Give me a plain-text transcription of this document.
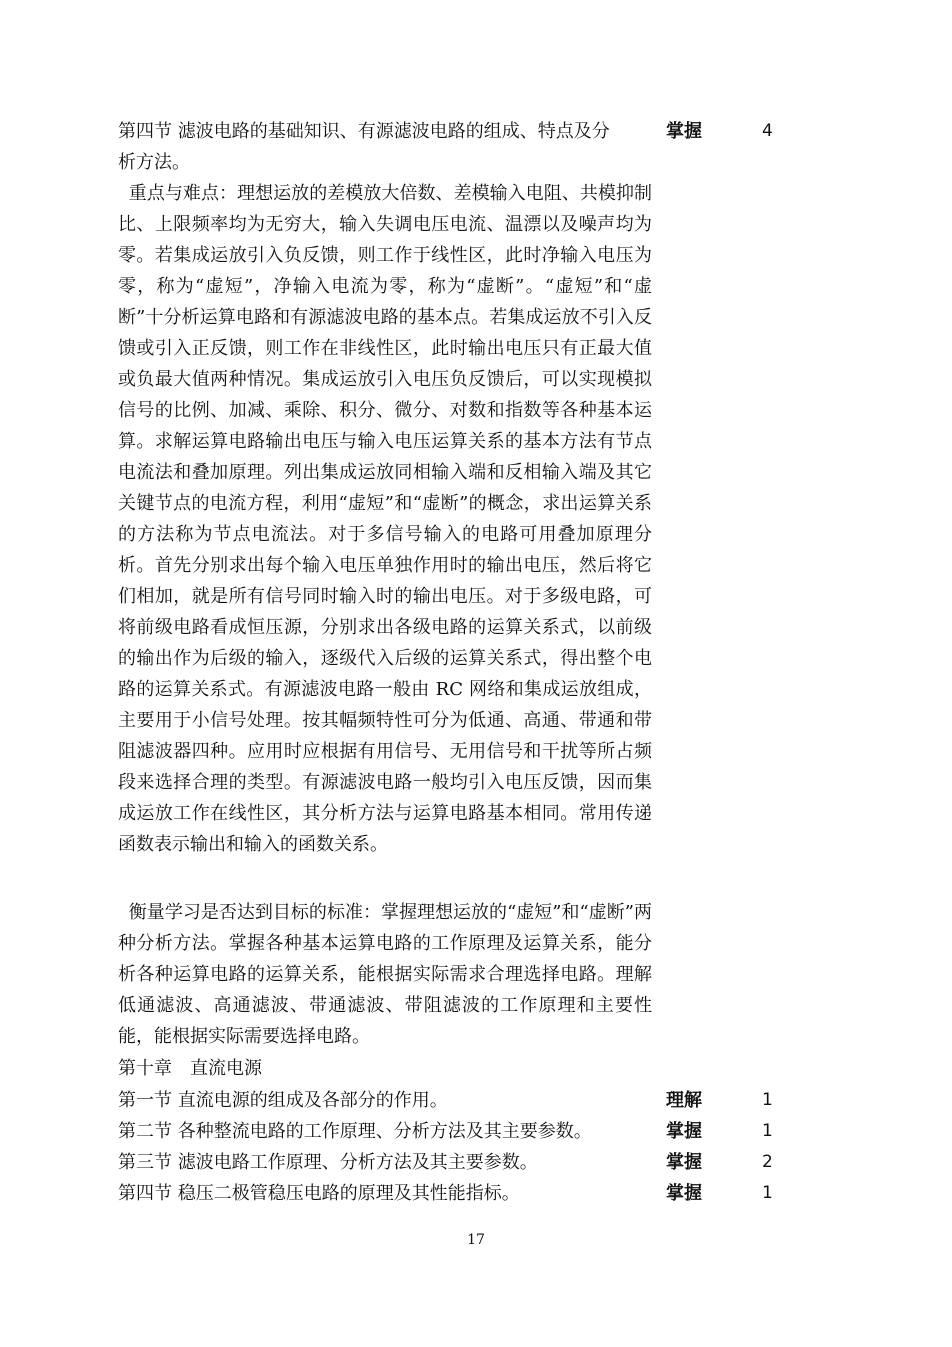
第四节 滤波电路的基础知识、有源滤波电路的组成、特点及分	掌握	4
析方法。
重点与难点：理想运放的差模放大倍数、差模输入电阻、共模抑制比、上限频率均为无穷大，输入失调电压电流、温漂以及噪声均为零。若集成运放引入负反馈，则工作于线性区，此时净输入电压为零，称为“虚短”，净输入电流为零，称为“虚断”。“虚短”和“虚断”十分析运算电路和有源滤波电路的基本点。若集成运放不引入反馈或引入正反馈，则工作在非线性区，此时输出电压只有正最大值或负最大值两种情况。集成运放引入电压负反馈后，可以实现模拟信号的比例、加减、乘除、积分、微分、对数和指数等各种基本运算。求解运算电路输出电压与输入电压运算关系的基本方法有节点电流法和叠加原理。列出集成运放同相输入端和反相输入端及其它关键节点的电流方程，利用“虚短”和“虚断”的概念，求出运算关系的方法称为节点电流法。对于多信号输入的电路可用叠加原理分析。首先分别求出每个输入电压单独作用时的输出电压，然后将它们相加，就是所有信号同时输入时的输出电压。对于多级电路，可将前级电路看成恒压源，分别求出各级电路的运算关系式，以前级的输出作为后级的输入，逐级代入后级的运算关系式，得出整个电路的运算关系式。有源滤波电路一般由 RC 网络和集成运放组成，主要用于小信号处理。按其幅频特性可分为低通、高通、带通和带阻滤波器四种。应用时应根据有用信号、无用信号和干扰等所占频段来选择合理的类型。有源滤波电路一般均引入电压反馈，因而集成运放工作在线性区，其分析方法与运算电路基本相同。常用传递函数表示输出和输入的函数关系。
衡量学习是否达到目标的标准：掌握理想运放的“虚短”和“虚断”两种分析方法。掌握各种基本运算电路的工作原理及运算关系，能分析各种运算电路的运算关系，能根据实际需求合理选择电路。理解低通滤波、高通滤波、带通滤波、带阻滤波的工作原理和主要性能，能根据实际需要选择电路。
第十章　直流电源
第一节 直流电源的组成及各部分的作用。	理解	1
第二节 各种整流电路的工作原理、分析方法及其主要参数。	掌握	1
第三节 滤波电路工作原理、分析方法及其主要参数。	掌握	2
第四节 稳压二极管稳压电路的原理及其性能指标。	掌握	1
17
